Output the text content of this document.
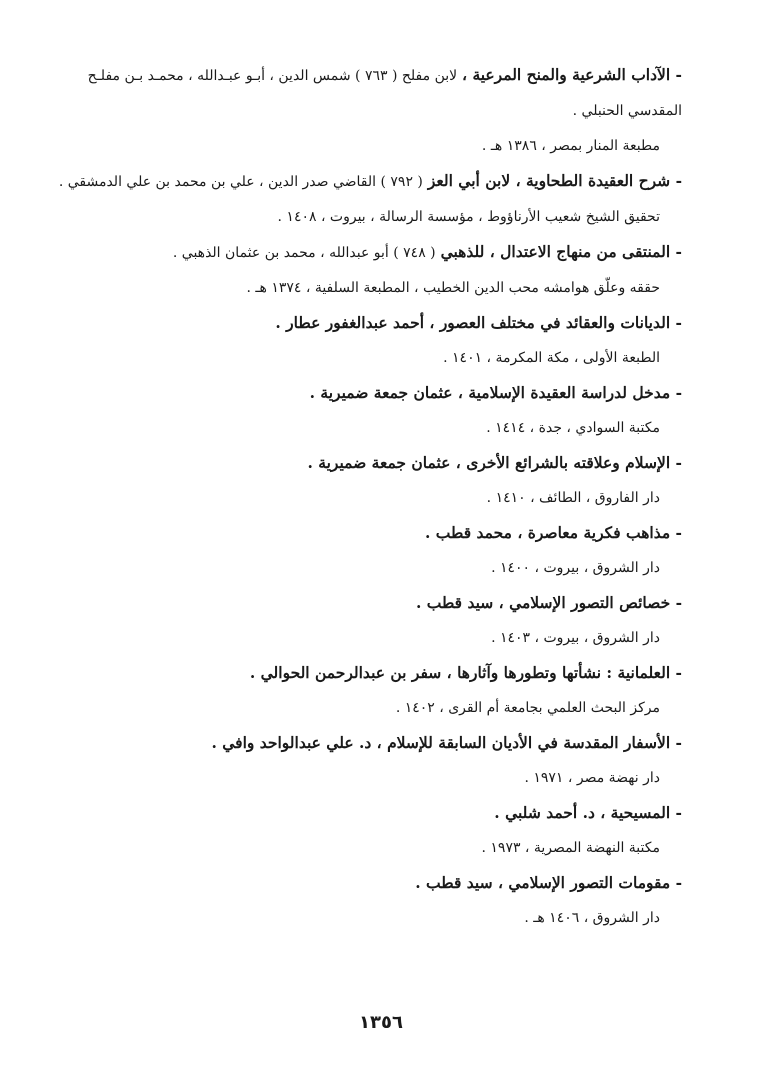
- الآداب الشرعية والمنح المرعية ، لابن مفلح ( ٧٦٣ ) شمس الدين ، أبـو عبـدالله ، محمـد بـن مفلـح المقدسي الحنبلي .
مطبعة المنار بمصر ، ١٣٨٦ هـ .
- شرح العقيدة الطحاوية ، لابن أبي العز ( ٧٩٢ ) القاضي صدر الدين ، علي بن محمد بن علي الدمشقي .
تحقيق الشيخ شعيب الأرناؤوط ، مؤسسة الرسالة ، بيروت ، ١٤٠٨ .
- المنتقى من منهاج الاعتدال ، للذهبي ( ٧٤٨ ) أبو عبدالله ، محمد بن عثمان الذهبي .
حققه وعلّق هوامشه محب الدين الخطيب ، المطبعة السلفية ، ١٣٧٤ هـ .
- الديانات والعقائد في مختلف العصور ، أحمد عبدالغفور عطار .
الطبعة الأولى ، مكة المكرمة ، ١٤٠١ .
- مدخل لدراسة العقيدة الإسلامية ، عثمان جمعة ضميرية .
مكتبة السوادي ، جدة ، ١٤١٤ .
- الإسلام وعلاقته بالشرائع الأخرى ، عثمان جمعة ضميرية .
دار الفاروق ، الطائف ، ١٤١٠ .
- مذاهب فكرية معاصرة ، محمد قطب .
دار الشروق ، بيروت ، ١٤٠٠ .
- خصائص التصور الإسلامي ، سيد قطب .
دار الشروق ، بيروت ، ١٤٠٣ .
- العلمانية : نشأتها وتطورها وآثارها ، سفر بن عبدالرحمن الحوالي .
مركز البحث العلمي بجامعة أم القرى ، ١٤٠٢ .
- الأسفار المقدسة في الأديان السابقة للإسلام ، د. علي عبدالواحد وافي .
دار نهضة مصر ، ١٩٧١ .
- المسيحية ، د. أحمد شلبي .
مكتبة النهضة المصرية ، ١٩٧٣ .
- مقومات التصور الإسلامي ، سيد قطب .
دار الشروق ، ١٤٠٦ هـ .
١٣٥٦
